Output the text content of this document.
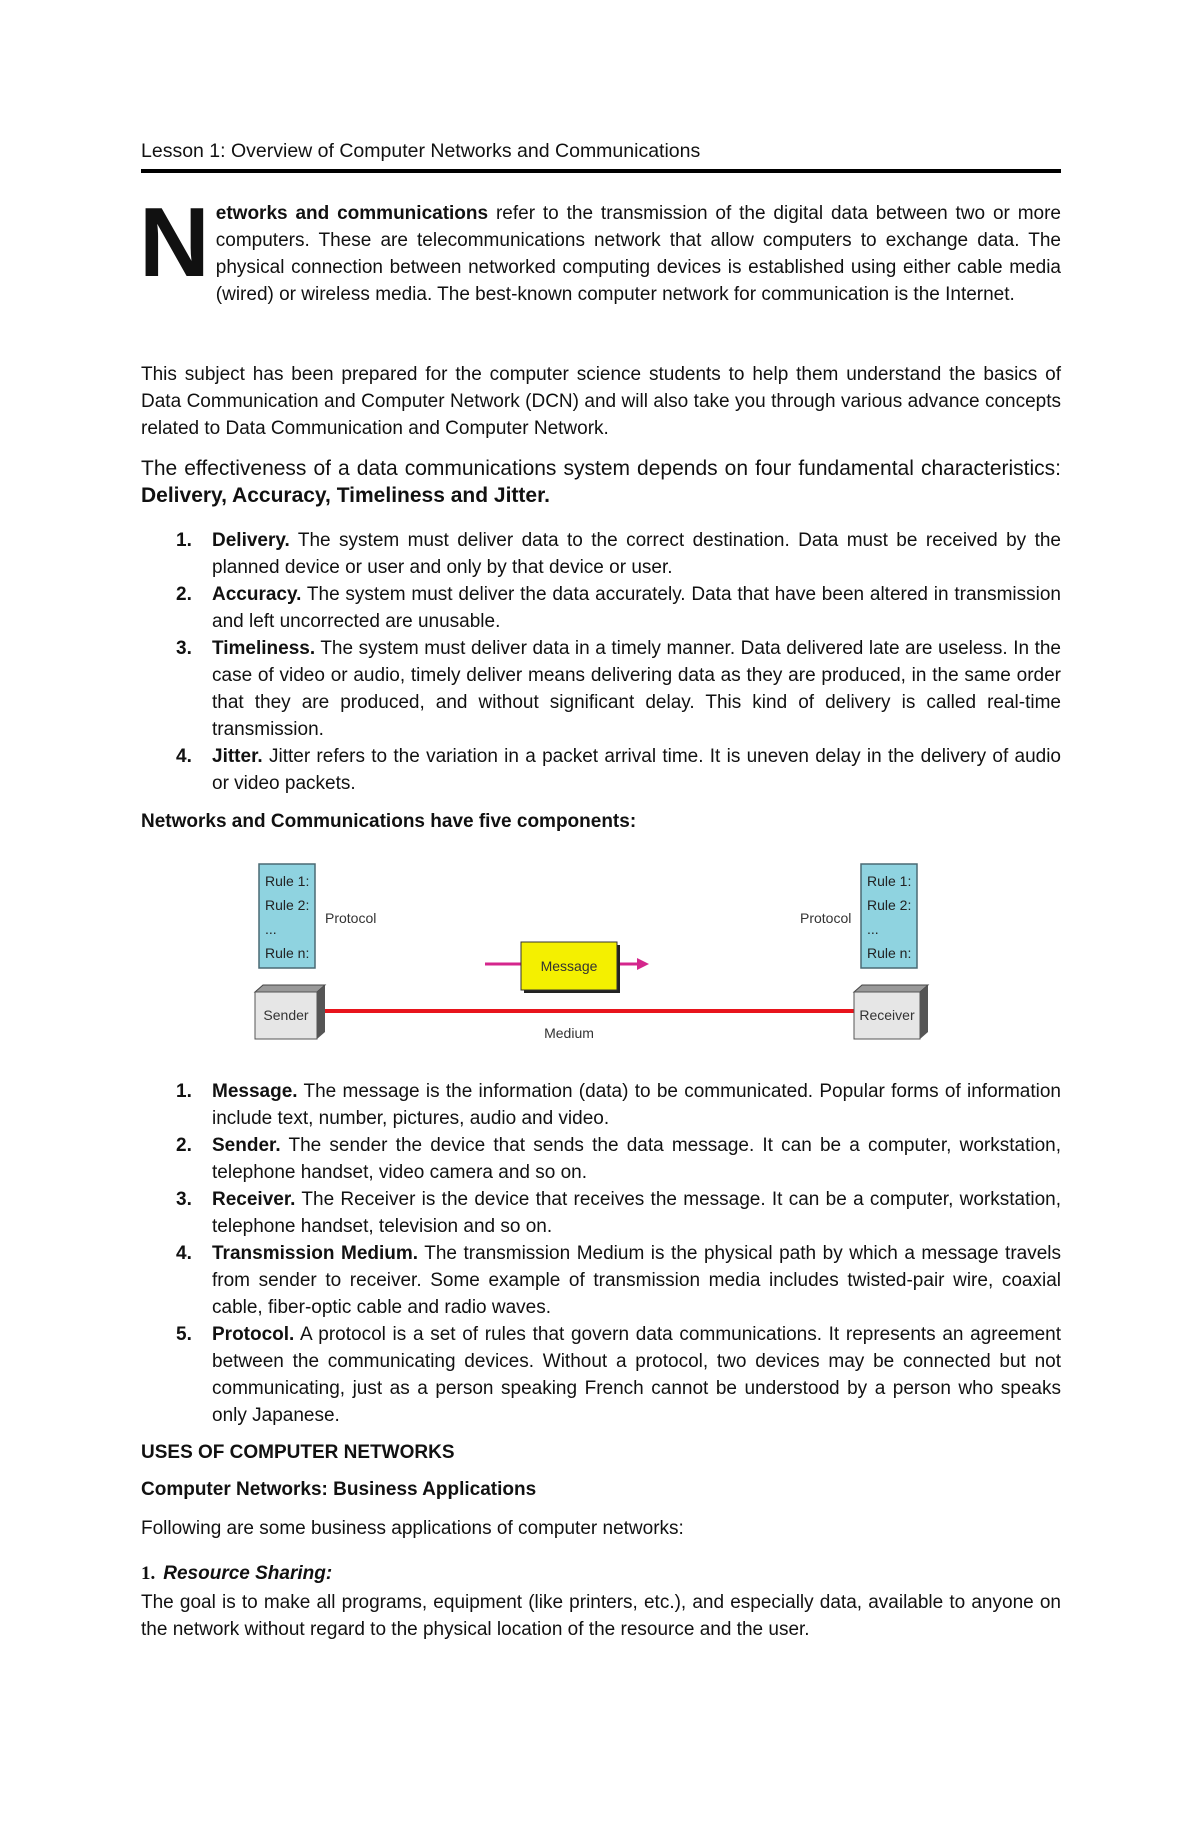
Lesson 1: Overview of Computer Networks and Communications

Networks and communications refer to the transmission of the digital data between two or more computers. These are telecommunications network that allow computers to exchange data. The physical connection between networked computing devices is established using either cable media (wired) or wireless media. The best-known computer network for communication is the Internet.

This subject has been prepared for the computer science students to help them understand the basics of Data Communication and Computer Network (DCN) and will also take you through various advance concepts related to Data Communication and Computer Network.

The effectiveness of a data communications system depends on four fundamental characteristics: Delivery, Accuracy, Timeliness and Jitter.

1. Delivery. The system must deliver data to the correct destination. Data must be received by the planned device or user and only by that device or user.
2. Accuracy. The system must deliver the data accurately. Data that have been altered in transmission and left uncorrected are unusable.
3. Timeliness. The system must deliver data in a timely manner. Data delivered late are useless. In the case of video or audio, timely deliver means delivering data as they are produced, in the same order that they are produced, and without significant delay. This kind of delivery is called real-time transmission.
4. Jitter. Jitter refers to the variation in a packet arrival time. It is uneven delay in the delivery of audio or video packets.
Networks and Communications have five components:
Rule 1:
Rule 2:
...
Rule n:
Protocol
Rule 1:
Rule 2:
...
Rule n:
Protocol
Message
Medium
Sender	Receiver
1. Message. The message is the information (data) to be communicated. Popular forms of information include text, number, pictures, audio and video.
2. Sender. The sender the device that sends the data message. It can be a computer, workstation, telephone handset, video camera and so on.
3. Receiver. The Receiver is the device that receives the message. It can be a computer, workstation, telephone handset, television and so on.
4. Transmission Medium. The transmission Medium is the physical path by which a message travels from sender to receiver. Some example of transmission media includes twisted-pair wire, coaxial cable, fiber-optic cable and radio waves.
5. Protocol. A protocol is a set of rules that govern data communications. It represents an agreement between the communicating devices. Without a protocol, two devices may be connected but not communicating, just as a person speaking French cannot be understood by a person who speaks only Japanese.
USES OF COMPUTER NETWORKS
Computer Networks: Business Applications
Following are some business applications of computer networks:
1. Resource Sharing:

The goal is to make all programs, equipment (like printers, etc.), and especially data, available to anyone on the network without regard to the physical location of the resource and the user.
